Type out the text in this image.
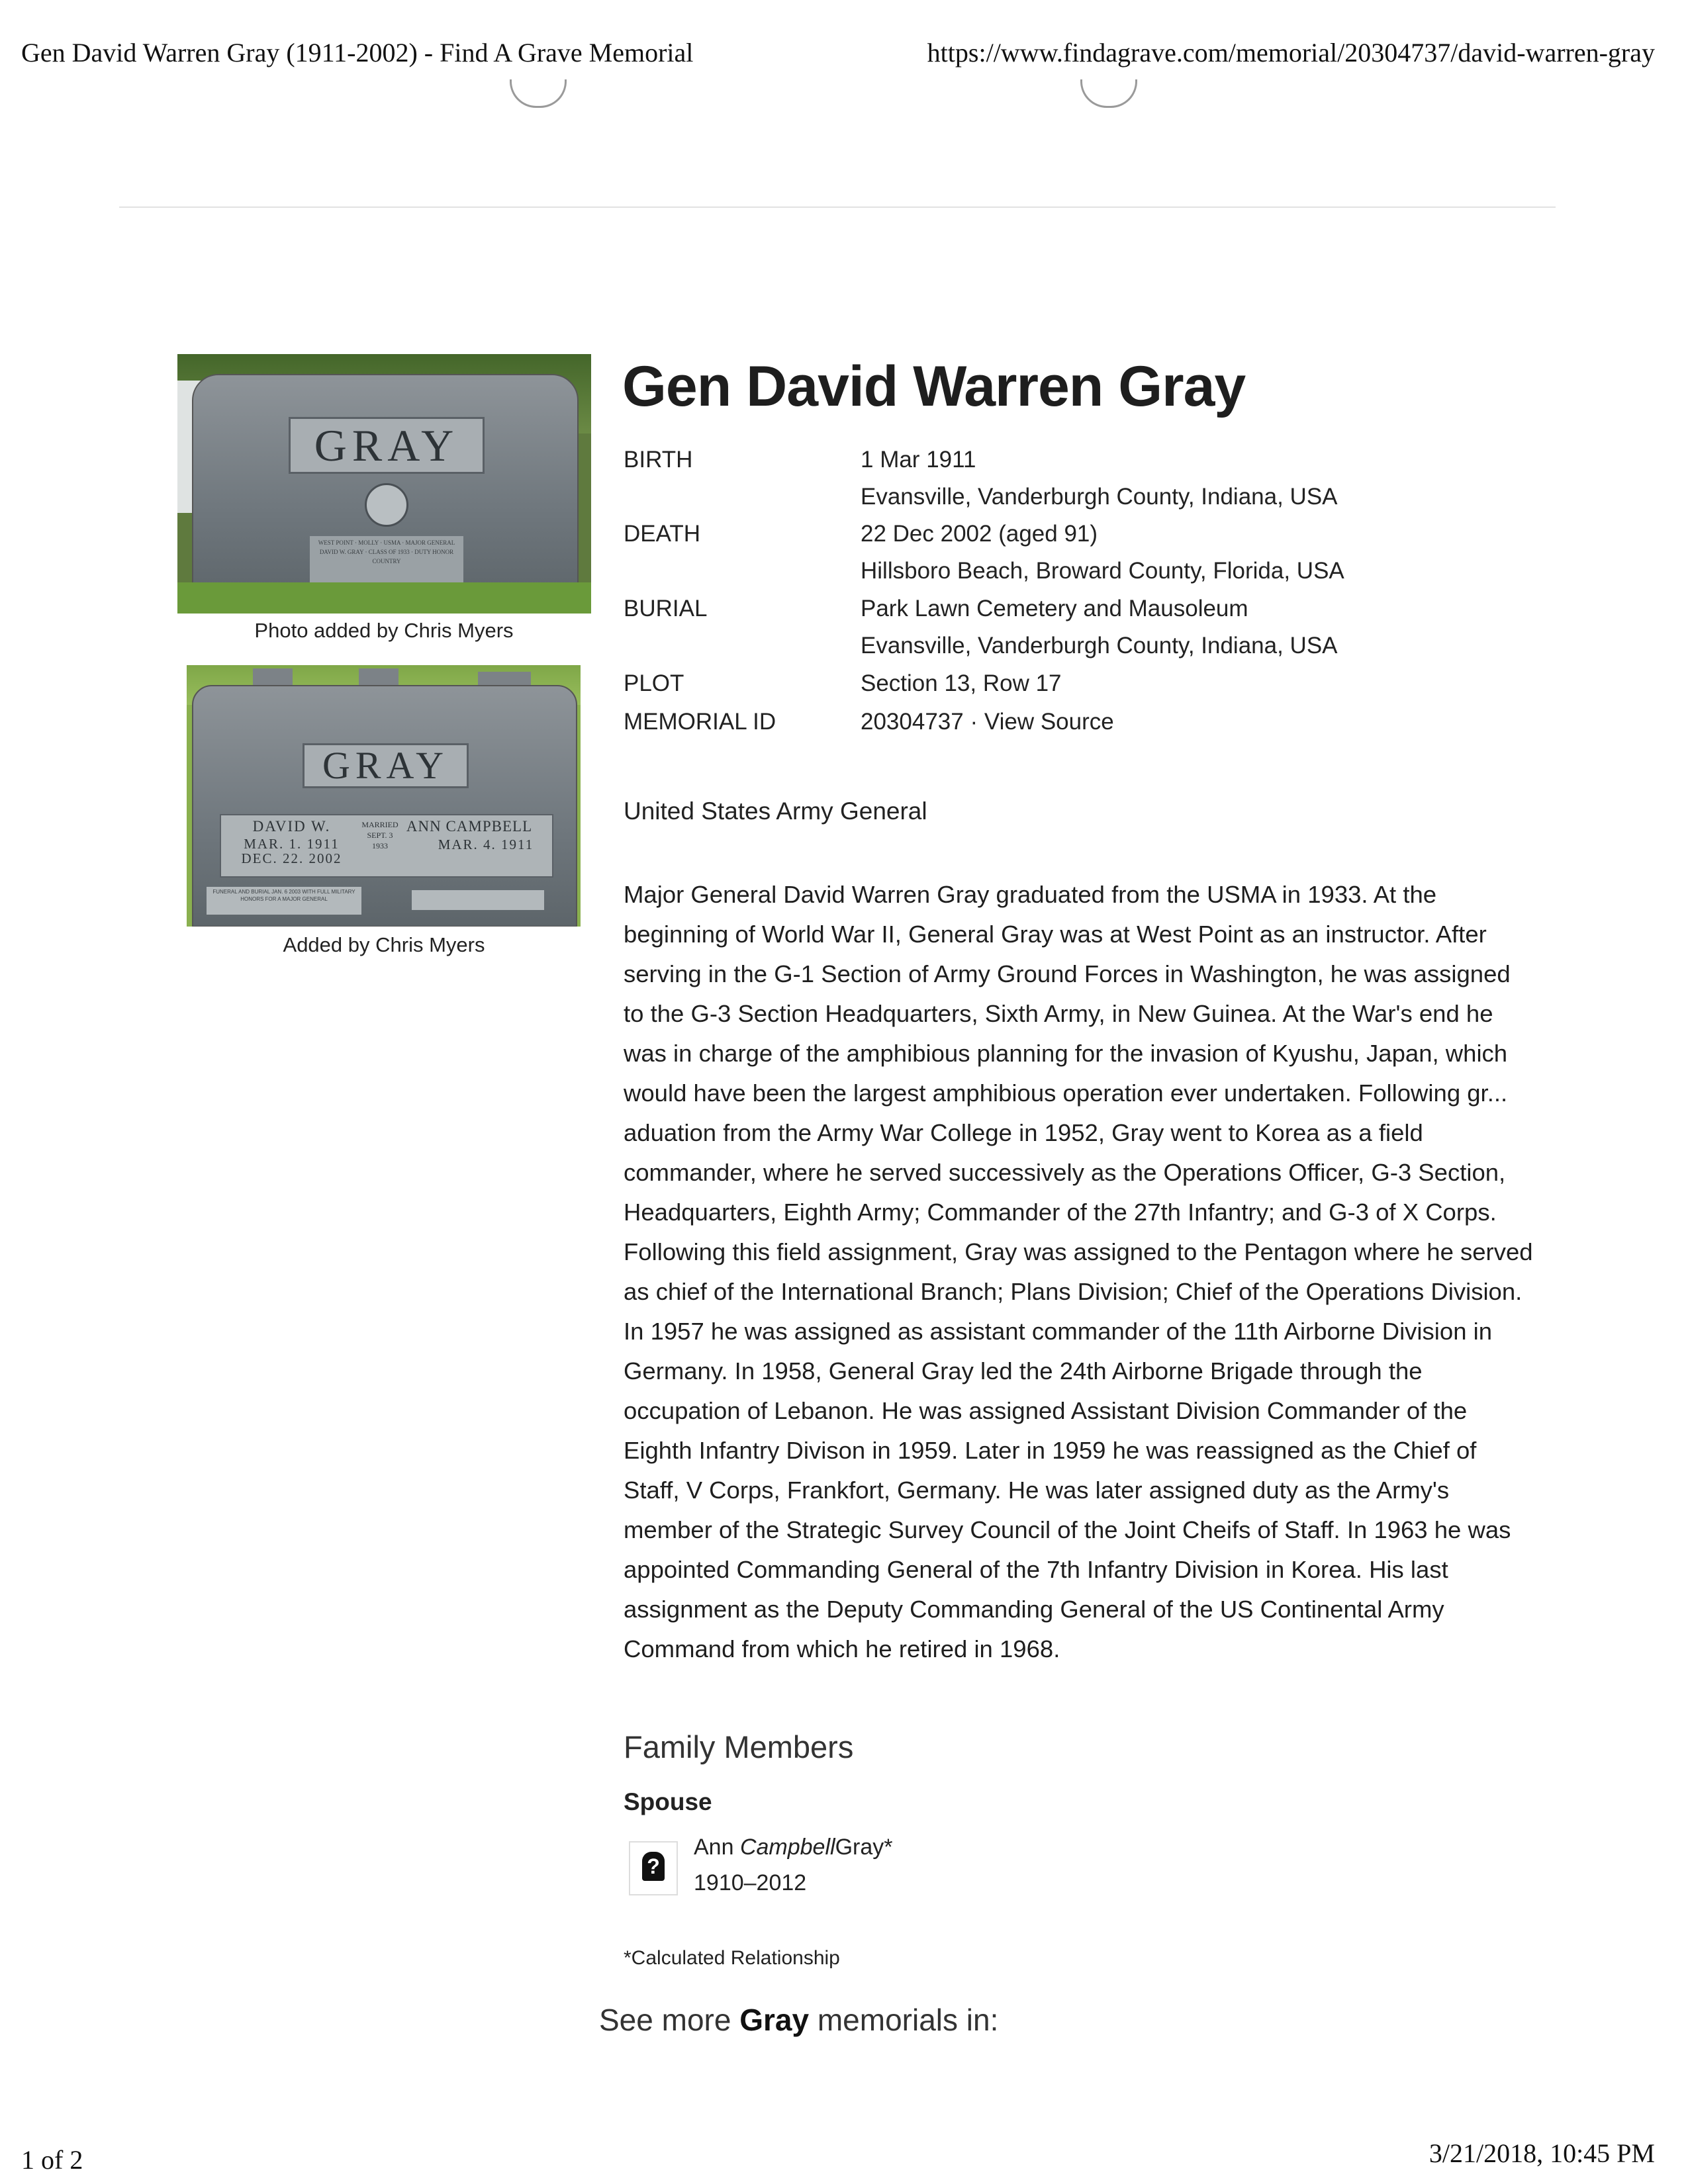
Gen David Warren Gray (1911-2002) - Find A Grave Memorial	https://www.findagrave.com/memorial/20304737/david-warren-gray
GRAY
WEST POINT · MOLLY · USMA · MAJOR GENERAL DAVID W. GRAY · CLASS OF 1933 · DUTY HONOR COUNTRY
Photo added by Chris Myers
GRAY
DAVID W.
MAR. 1. 1911
DEC. 22. 2002
MARRIED
SEPT. 3
1933
ANN CAMPBELL
MAR. 4. 1911
FUNERAL AND BURIAL JAN. 6 2003 WITH FULL MILITARY HONORS FOR A MAJOR GENERAL
Added by Chris Myers
Gen David Warren Gray
BIRTH	1 Mar 1911
Evansville, Vanderburgh County, Indiana, USA
DEATH	22 Dec 2002 (aged 91)
Hillsboro Beach, Broward County, Florida, USA
BURIAL	Park Lawn Cemetery and Mausoleum
Evansville, Vanderburgh County, Indiana, USA
PLOT	Section 13, Row 17
MEMORIAL ID	20304737 · View Source
United States Army General
Major General David Warren Gray graduated from the USMA in 1933. At the beginning of World War II, General Gray was at West Point as an instructor. After serving in the G-1 Section of Army Ground Forces in Washington, he was assigned to the G-3 Section Headquarters, Sixth Army, in New Guinea. At the War's end he was in charge of the amphibious planning for the invasion of Kyushu, Japan, which would have been the largest amphibious operation ever undertaken. Following gr... aduation from the Army War College in 1952, Gray went to Korea as a field commander, where he served successively as the Operations Officer, G-3 Section, Headquarters, Eighth Army; Commander of the 27th Infantry; and G-3 of X Corps. Following this field assignment, Gray was assigned to the Pentagon where he served as chief of the International Branch; Plans Division; Chief of the Operations Division. In 1957 he was assigned as assistant commander of the 11th Airborne Division in Germany. In 1958, General Gray led the 24th Airborne Brigade through the occupation of Lebanon. He was assigned Assistant Division Commander of the Eighth Infantry Divison in 1959. Later in 1959 he was reassigned as the Chief of Staff, V Corps, Frankfort, Germany. He was later assigned duty as the Army's member of the Strategic Survey Council of the Joint Cheifs of Staff. In 1963 he was appointed Commanding General of the 7th Infantry Division in Korea. His last assignment as the Deputy Commanding General of the US Continental Army Command from which he retired in 1968.
Family Members
Spouse
?
Ann CampbellGray*
1910–2012
*Calculated Relationship
See more Gray memorials in:
1 of 2	3/21/2018, 10:45 PM
